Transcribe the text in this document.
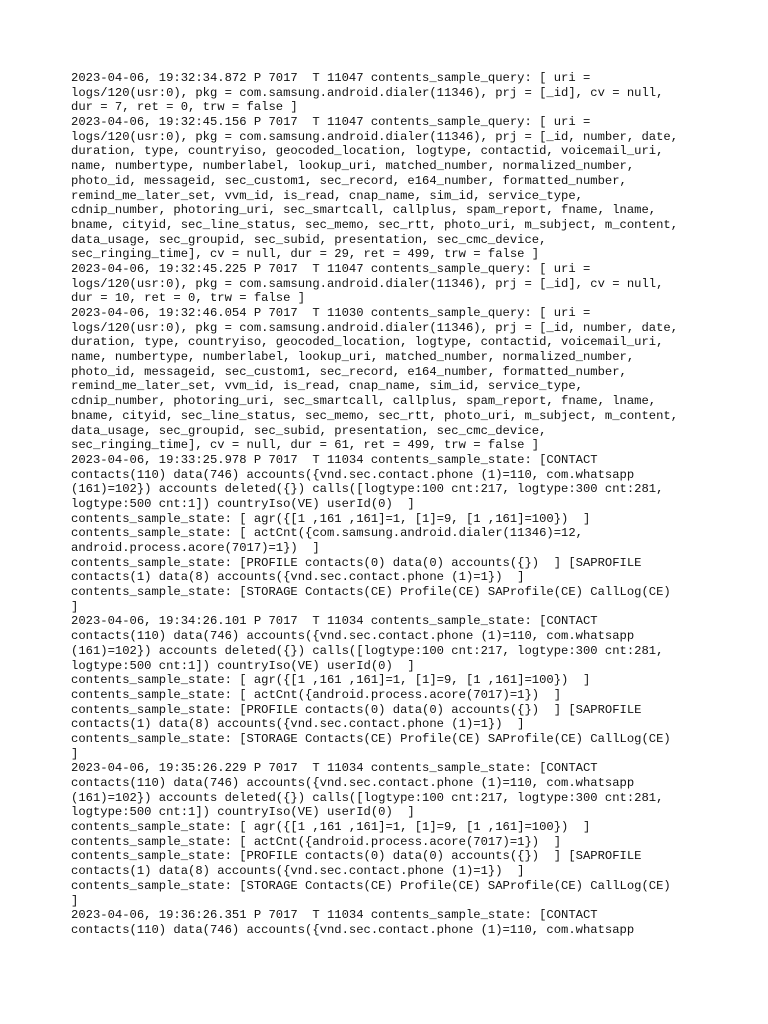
2023-04-06, 19:32:34.872 P 7017  T 11047 contents_sample_query: [ uri =
logs/120(usr:0), pkg = com.samsung.android.dialer(11346), prj = [_id], cv = null,
dur = 7, ret = 0, trw = false ]
2023-04-06, 19:32:45.156 P 7017  T 11047 contents_sample_query: [ uri =
logs/120(usr:0), pkg = com.samsung.android.dialer(11346), prj = [_id, number, date,
duration, type, countryiso, geocoded_location, logtype, contactid, voicemail_uri,
name, numbertype, numberlabel, lookup_uri, matched_number, normalized_number,
photo_id, messageid, sec_custom1, sec_record, e164_number, formatted_number,
remind_me_later_set, vvm_id, is_read, cnap_name, sim_id, service_type,
cdnip_number, photoring_uri, sec_smartcall, callplus, spam_report, fname, lname,
bname, cityid, sec_line_status, sec_memo, sec_rtt, photo_uri, m_subject, m_content,
data_usage, sec_groupid, sec_subid, presentation, sec_cmc_device,
sec_ringing_time], cv = null, dur = 29, ret = 499, trw = false ]
2023-04-06, 19:32:45.225 P 7017  T 11047 contents_sample_query: [ uri =
logs/120(usr:0), pkg = com.samsung.android.dialer(11346), prj = [_id], cv = null,
dur = 10, ret = 0, trw = false ]
2023-04-06, 19:32:46.054 P 7017  T 11030 contents_sample_query: [ uri =
logs/120(usr:0), pkg = com.samsung.android.dialer(11346), prj = [_id, number, date,
duration, type, countryiso, geocoded_location, logtype, contactid, voicemail_uri,
name, numbertype, numberlabel, lookup_uri, matched_number, normalized_number,
photo_id, messageid, sec_custom1, sec_record, e164_number, formatted_number,
remind_me_later_set, vvm_id, is_read, cnap_name, sim_id, service_type,
cdnip_number, photoring_uri, sec_smartcall, callplus, spam_report, fname, lname,
bname, cityid, sec_line_status, sec_memo, sec_rtt, photo_uri, m_subject, m_content,
data_usage, sec_groupid, sec_subid, presentation, sec_cmc_device,
sec_ringing_time], cv = null, dur = 61, ret = 499, trw = false ]
2023-04-06, 19:33:25.978 P 7017  T 11034 contents_sample_state: [CONTACT
contacts(110) data(746) accounts({vnd.sec.contact.phone (1)=110, com.whatsapp
(161)=102}) accounts deleted({}) calls([logtype:100 cnt:217, logtype:300 cnt:281,
logtype:500 cnt:1]) countryIso(VE) userId(0)  ]
contents_sample_state: [ agr({[1 ,161 ,161]=1, [1]=9, [1 ,161]=100})  ]
contents_sample_state: [ actCnt({com.samsung.android.dialer(11346)=12,
android.process.acore(7017)=1})  ]
contents_sample_state: [PROFILE contacts(0) data(0) accounts({})  ] [SAPROFILE
contacts(1) data(8) accounts({vnd.sec.contact.phone (1)=1})  ]
contents_sample_state: [STORAGE Contacts(CE) Profile(CE) SAProfile(CE) CallLog(CE)
]
2023-04-06, 19:34:26.101 P 7017  T 11034 contents_sample_state: [CONTACT
contacts(110) data(746) accounts({vnd.sec.contact.phone (1)=110, com.whatsapp
(161)=102}) accounts deleted({}) calls([logtype:100 cnt:217, logtype:300 cnt:281,
logtype:500 cnt:1]) countryIso(VE) userId(0)  ]
contents_sample_state: [ agr({[1 ,161 ,161]=1, [1]=9, [1 ,161]=100})  ]
contents_sample_state: [ actCnt({android.process.acore(7017)=1})  ]
contents_sample_state: [PROFILE contacts(0) data(0) accounts({})  ] [SAPROFILE
contacts(1) data(8) accounts({vnd.sec.contact.phone (1)=1})  ]
contents_sample_state: [STORAGE Contacts(CE) Profile(CE) SAProfile(CE) CallLog(CE)
]
2023-04-06, 19:35:26.229 P 7017  T 11034 contents_sample_state: [CONTACT
contacts(110) data(746) accounts({vnd.sec.contact.phone (1)=110, com.whatsapp
(161)=102}) accounts deleted({}) calls([logtype:100 cnt:217, logtype:300 cnt:281,
logtype:500 cnt:1]) countryIso(VE) userId(0)  ]
contents_sample_state: [ agr({[1 ,161 ,161]=1, [1]=9, [1 ,161]=100})  ]
contents_sample_state: [ actCnt({android.process.acore(7017)=1})  ]
contents_sample_state: [PROFILE contacts(0) data(0) accounts({})  ] [SAPROFILE
contacts(1) data(8) accounts({vnd.sec.contact.phone (1)=1})  ]
contents_sample_state: [STORAGE Contacts(CE) Profile(CE) SAProfile(CE) CallLog(CE)
]
2023-04-06, 19:36:26.351 P 7017  T 11034 contents_sample_state: [CONTACT
contacts(110) data(746) accounts({vnd.sec.contact.phone (1)=110, com.whatsapp
